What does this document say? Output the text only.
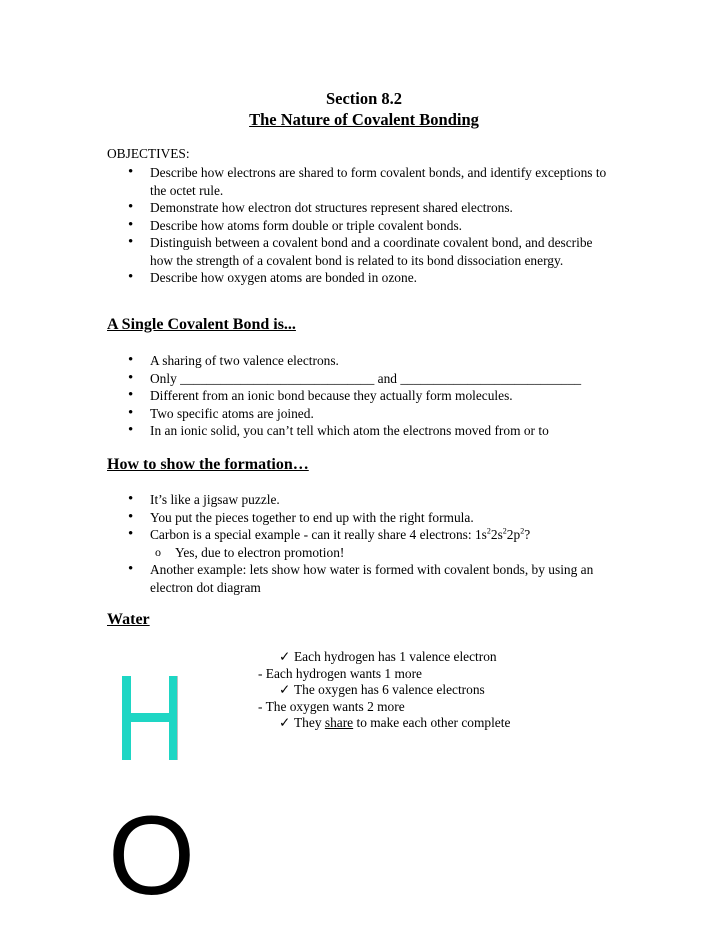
Section 8.2
The Nature of Covalent Bonding
OBJECTIVES:
• Describe how electrons are shared to form covalent bonds, and identify exceptions to the octet rule.
• Demonstrate how electron dot structures represent shared electrons.
• Describe how atoms form double or triple covalent bonds.
• Distinguish between a covalent bond and a coordinate covalent bond, and describe how the strength of a covalent bond is related to its bond dissociation energy.
• Describe how oxygen atoms are bonded in ozone.
A Single Covalent Bond is...
• A sharing of two valence electrons.
• Only _____________________________ and ___________________________
• Different from an ionic bond because they actually form molecules.
• Two specific atoms are joined.
• In an ionic solid, you can’t tell which atom the electrons moved from or to
How to show the formation…
• It’s like a jigsaw puzzle.
• You put the pieces together to end up with the right formula.
• Carbon is a special example - can it really share 4 electrons: $1s^22s^22p^2$?
o Yes, due to electron promotion!
• Another example: lets show how water is formed with covalent bonds, by using an electron dot diagram
Water
✓ Each hydrogen has 1 valence electron
- Each hydrogen wants 1 more
✓ The oxygen has 6 valence electrons
- The oxygen wants 2 more
✓ They share to make each other complete
O
